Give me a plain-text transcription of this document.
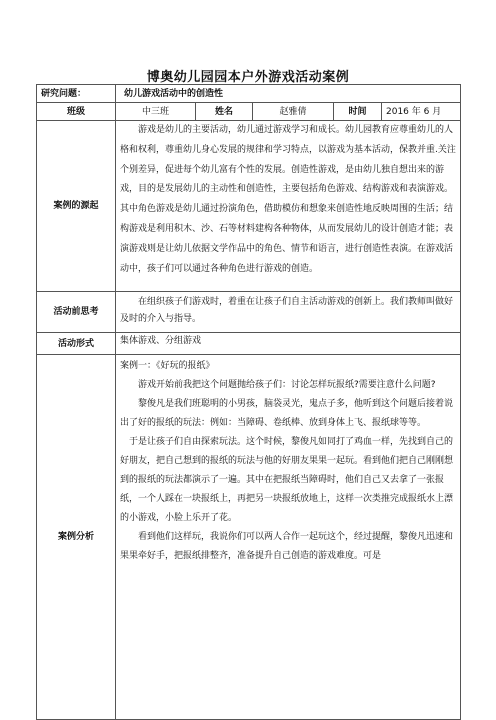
博奥幼儿园园本户外游戏活动案例
研究问题：	幼儿游戏活动中的创造性				
班级	中三班	姓名	赵雅倩	时间	2016 年 6 月
案例的源起	游戏是幼儿的主要活动，幼儿通过游戏学习和成长。幼儿园教育应尊重幼儿的人格和权利，尊重幼儿身心发展的规律和学习特点，以游戏为基本活动，保教并重.关注个别差异，促进每个幼儿富有个性的发展。创造性游戏，是由幼儿独自想出来的游戏，目的是发展幼儿的主动性和创造性，主要包括角色游戏、结构游戏和表演游戏。其中角色游戏是幼儿通过扮演角色，借助模仿和想象来创造性地反映周围的生活；结构游戏是利用积木、沙、石等材料建构各种物体，从而发展幼儿的设计创造才能；表演游戏则是让幼儿依据文学作品中的角色、情节和语言，进行创造性表演。在游戏活动中，孩子们可以通过各种角色进行游戏的创造。				

活动前思考	在组织孩子们游戏时，着重在让孩子们自主活动游戏的创新上。我们教师叫做好及时的介入与指导。				

活动形式	集体游戏、分组游戏				
案例分析	案例一：《好玩的报纸》

游戏开始前我把这个问题抛给孩子们：讨论怎样玩报纸?需要注意什么问题?

黎俊凡是我们班聪明的小男孩，脑袋灵光，鬼点子多，他听到这个问题后接着说出了好的报纸的玩法：例如：当障碍、卷纸棒、放到身体上飞、报纸球等等。

于是让孩子们自由探索玩法。这个时候，黎俊凡如同打了鸡血一样，先找到自己的好朋友，把自己想到的报纸的玩法与他的好朋友果果一起玩。看到他们把自己刚刚想到的报纸的玩法都演示了一遍。其中在把报纸当障碍时，他们自己又去拿了一张报纸，一个人踩在一块报纸上，再把另一块报纸放地上，这样一次类推完成报纸水上漂的小游戏，小脸上乐开了花。

看到他们这样玩，我说你们可以两人合作一起玩这个，经过提醒，黎俊凡迅速和果果牵好手，把报纸排整齐，准备提升自己创造的游戏难度。可是				
